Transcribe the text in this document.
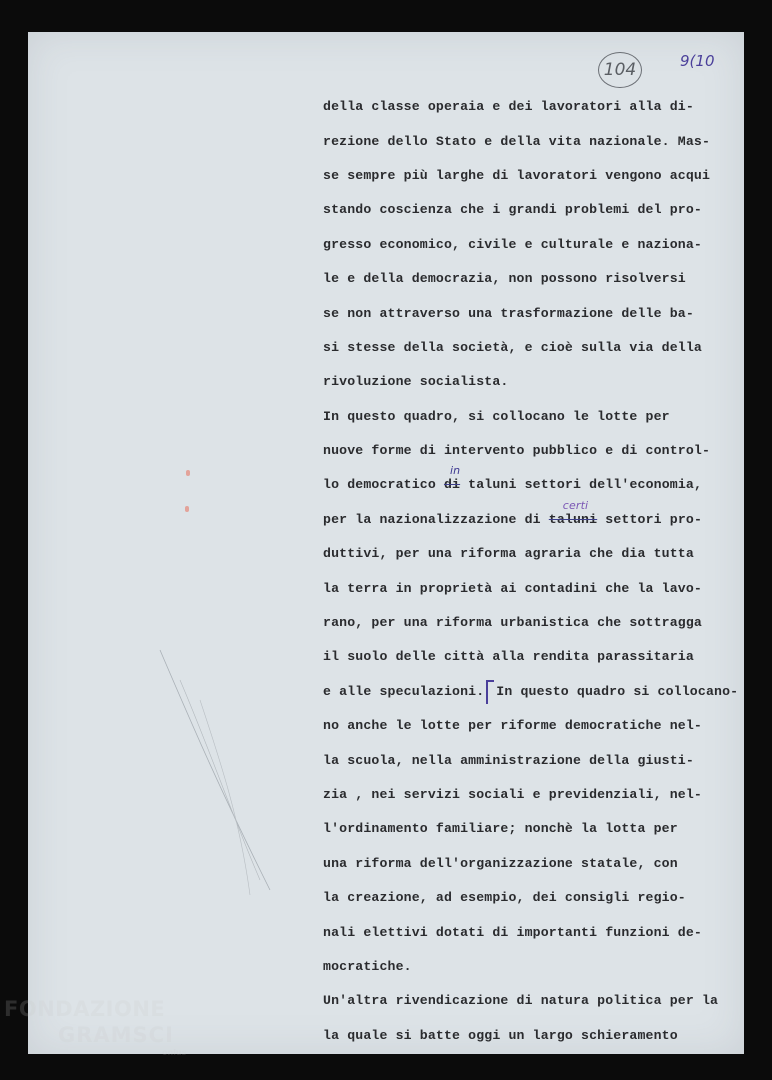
104	9(10
della classe operaia e dei lavoratori alla di-
rezione dello Stato e della vita nazionale. Mas-
se sempre più larghe di lavoratori vengono acqui
stando coscienza che i grandi problemi del pro-
gresso economico, civile e culturale e naziona-
le e della democrazia, non possono risolversi
se non attraverso una trasformazione delle ba-
si stesse della società, e cioè sulla via della
rivoluzione socialista.
In questo quadro, si collocano le lotte per
nuove forme di intervento pubblico e di control-
lo democratico di
in
taluni settori dell'economia,
per la nazionalizzazione di taluni
certi
settori pro-
duttivi, per una riforma agraria che dia tutta
la terra in proprietà ai contadini che la lavo-
rano, per una riforma urbanistica che sottragga
il suolo delle città alla rendita parassitaria
e alle speculazioni. In questo quadro si collocano-
no anche le lotte per riforme democratiche nel-
la scuola, nella amministrazione della giusti-
zia , nei servizi sociali e previdenziali, nel-
l'ordinamento familiare; nonchè la lotta per
una riforma dell'organizzazione statale, con
la creazione, ad esempio, dei consigli regio-
nali elettivi dotati di importanti funzioni de-
mocratiche.
Un'altra rivendicazione di natura politica per la
la quale si batte oggi un largo schieramento
FONDAZIONE
GRAMSCI
onlus
